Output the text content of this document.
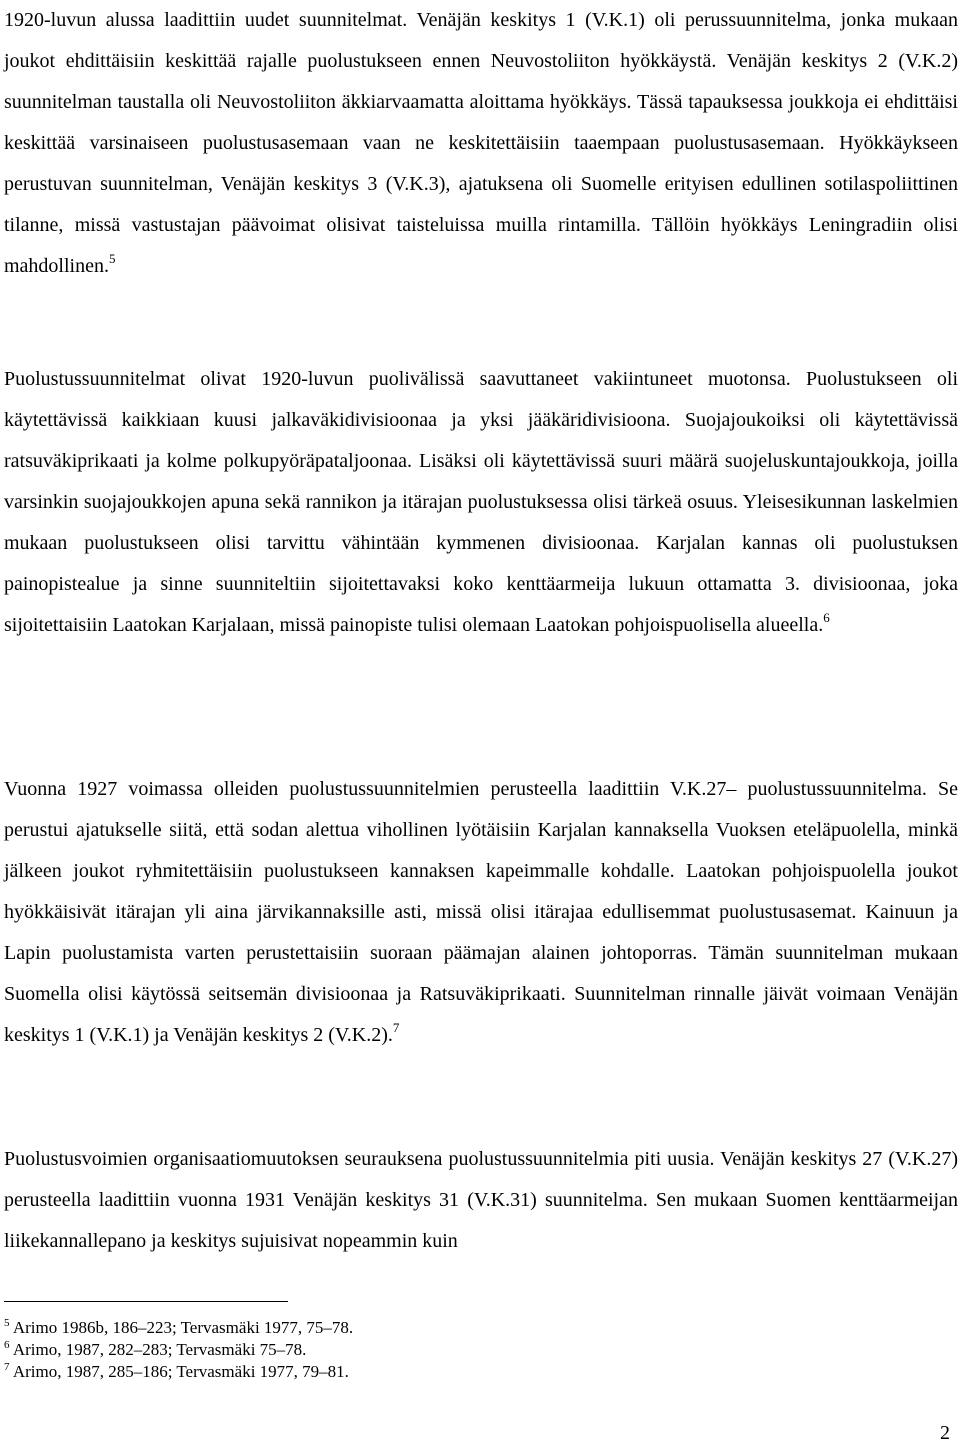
1920-luvun alussa laadittiin uudet suunnitelmat. Venäjän keskitys 1 (V.K.1) oli perussuunnitelma, jonka mukaan joukot ehdittäisiin keskittää rajalle puolustukseen ennen Neuvostoliiton hyökkäystä. Venäjän keskitys 2 (V.K.2) suunnitelman taustalla oli Neuvostoliiton äkkiarvaamatta aloittama hyökkäys. Tässä tapauksessa joukkoja ei ehdittäisi keskittää varsinaiseen puolustusasemaan vaan ne keskitettäisiin taaempaan puolustusasemaan. Hyökkäykseen perustuvan suunnitelman, Venäjän keskitys 3 (V.K.3), ajatuksena oli Suomelle erityisen edullinen sotilaspoliittinen tilanne, missä vastustajan päävoimat olisivat taisteluissa muilla rintamilla. Tällöin hyökkäys Leningradiin olisi mahdollinen.$^5$

Puolustussuunnitelmat olivat 1920-luvun puolivälissä saavuttaneet vakiintuneet muotonsa. Puolustukseen oli käytettävissä kaikkiaan kuusi jalkaväkidivisioonaa ja yksi jääkäridivisioona. Suojajoukoiksi oli käytettävissä ratsuväkiprikaati ja kolme polkupyöräpataljoonaa. Lisäksi oli käytettävissä suuri määrä suojeluskuntajoukkoja, joilla varsinkin suojajoukkojen apuna sekä rannikon ja itärajan puolustuksessa olisi tärkeä osuus. Yleisesikunnan laskelmien mukaan puolustukseen olisi tarvittu vähintään kymmenen divisioonaa. Karjalan kannas oli puolustuksen painopistealue ja sinne suunniteltiin sijoitettavaksi koko kenttäarmeija lukuun ottamatta 3. divisioonaa, joka sijoitettaisiin Laatokan Karjalaan, missä painopiste tulisi olemaan Laatokan pohjoispuolisella alueella.$^6$

Vuonna 1927 voimassa olleiden puolustussuunnitelmien perusteella laadittiin V.K.27– puolustussuunnitelma. Se perustui ajatukselle siitä, että sodan alettua vihollinen lyötäisiin Karjalan kannaksella Vuoksen eteläpuolella, minkä jälkeen joukot ryhmitettäisiin puolustukseen kannaksen kapeimmalle kohdalle. Laatokan pohjoispuolella joukot hyökkäisivät itärajan yli aina järvikannaksille asti, missä olisi itärajaa edullisemmat puolustusasemat. Kainuun ja Lapin puolustamista varten perustettaisiin suoraan päämajan alainen johtoporras. Tämän suunnitelman mukaan Suomella olisi käytössä seitsemän divisioonaa ja Ratsuväkiprikaati. Suunnitelman rinnalle jäivät voimaan Venäjän keskitys 1 (V.K.1) ja Venäjän keskitys 2 (V.K.2).$^7$

Puolustusvoimien organisaatiomuutoksen seurauksena puolustussuunnitelmia piti uusia. Venäjän keskitys 27 (V.K.27) perusteella laadittiin vuonna 1931 Venäjän keskitys 31 (V.K.31) suunnitelma. Sen mukaan Suomen kenttäarmeijan liikekannallepano ja keskitys sujuisivat nopeammin kuin

$^5$ Arimo 1986b, 186–223; Tervasmäki 1977, 75–78.

$^6$ Arimo, 1987, 282–283; Tervasmäki 75–78.

$^7$ Arimo, 1987, 285–186; Tervasmäki 1977, 79–81.

2
